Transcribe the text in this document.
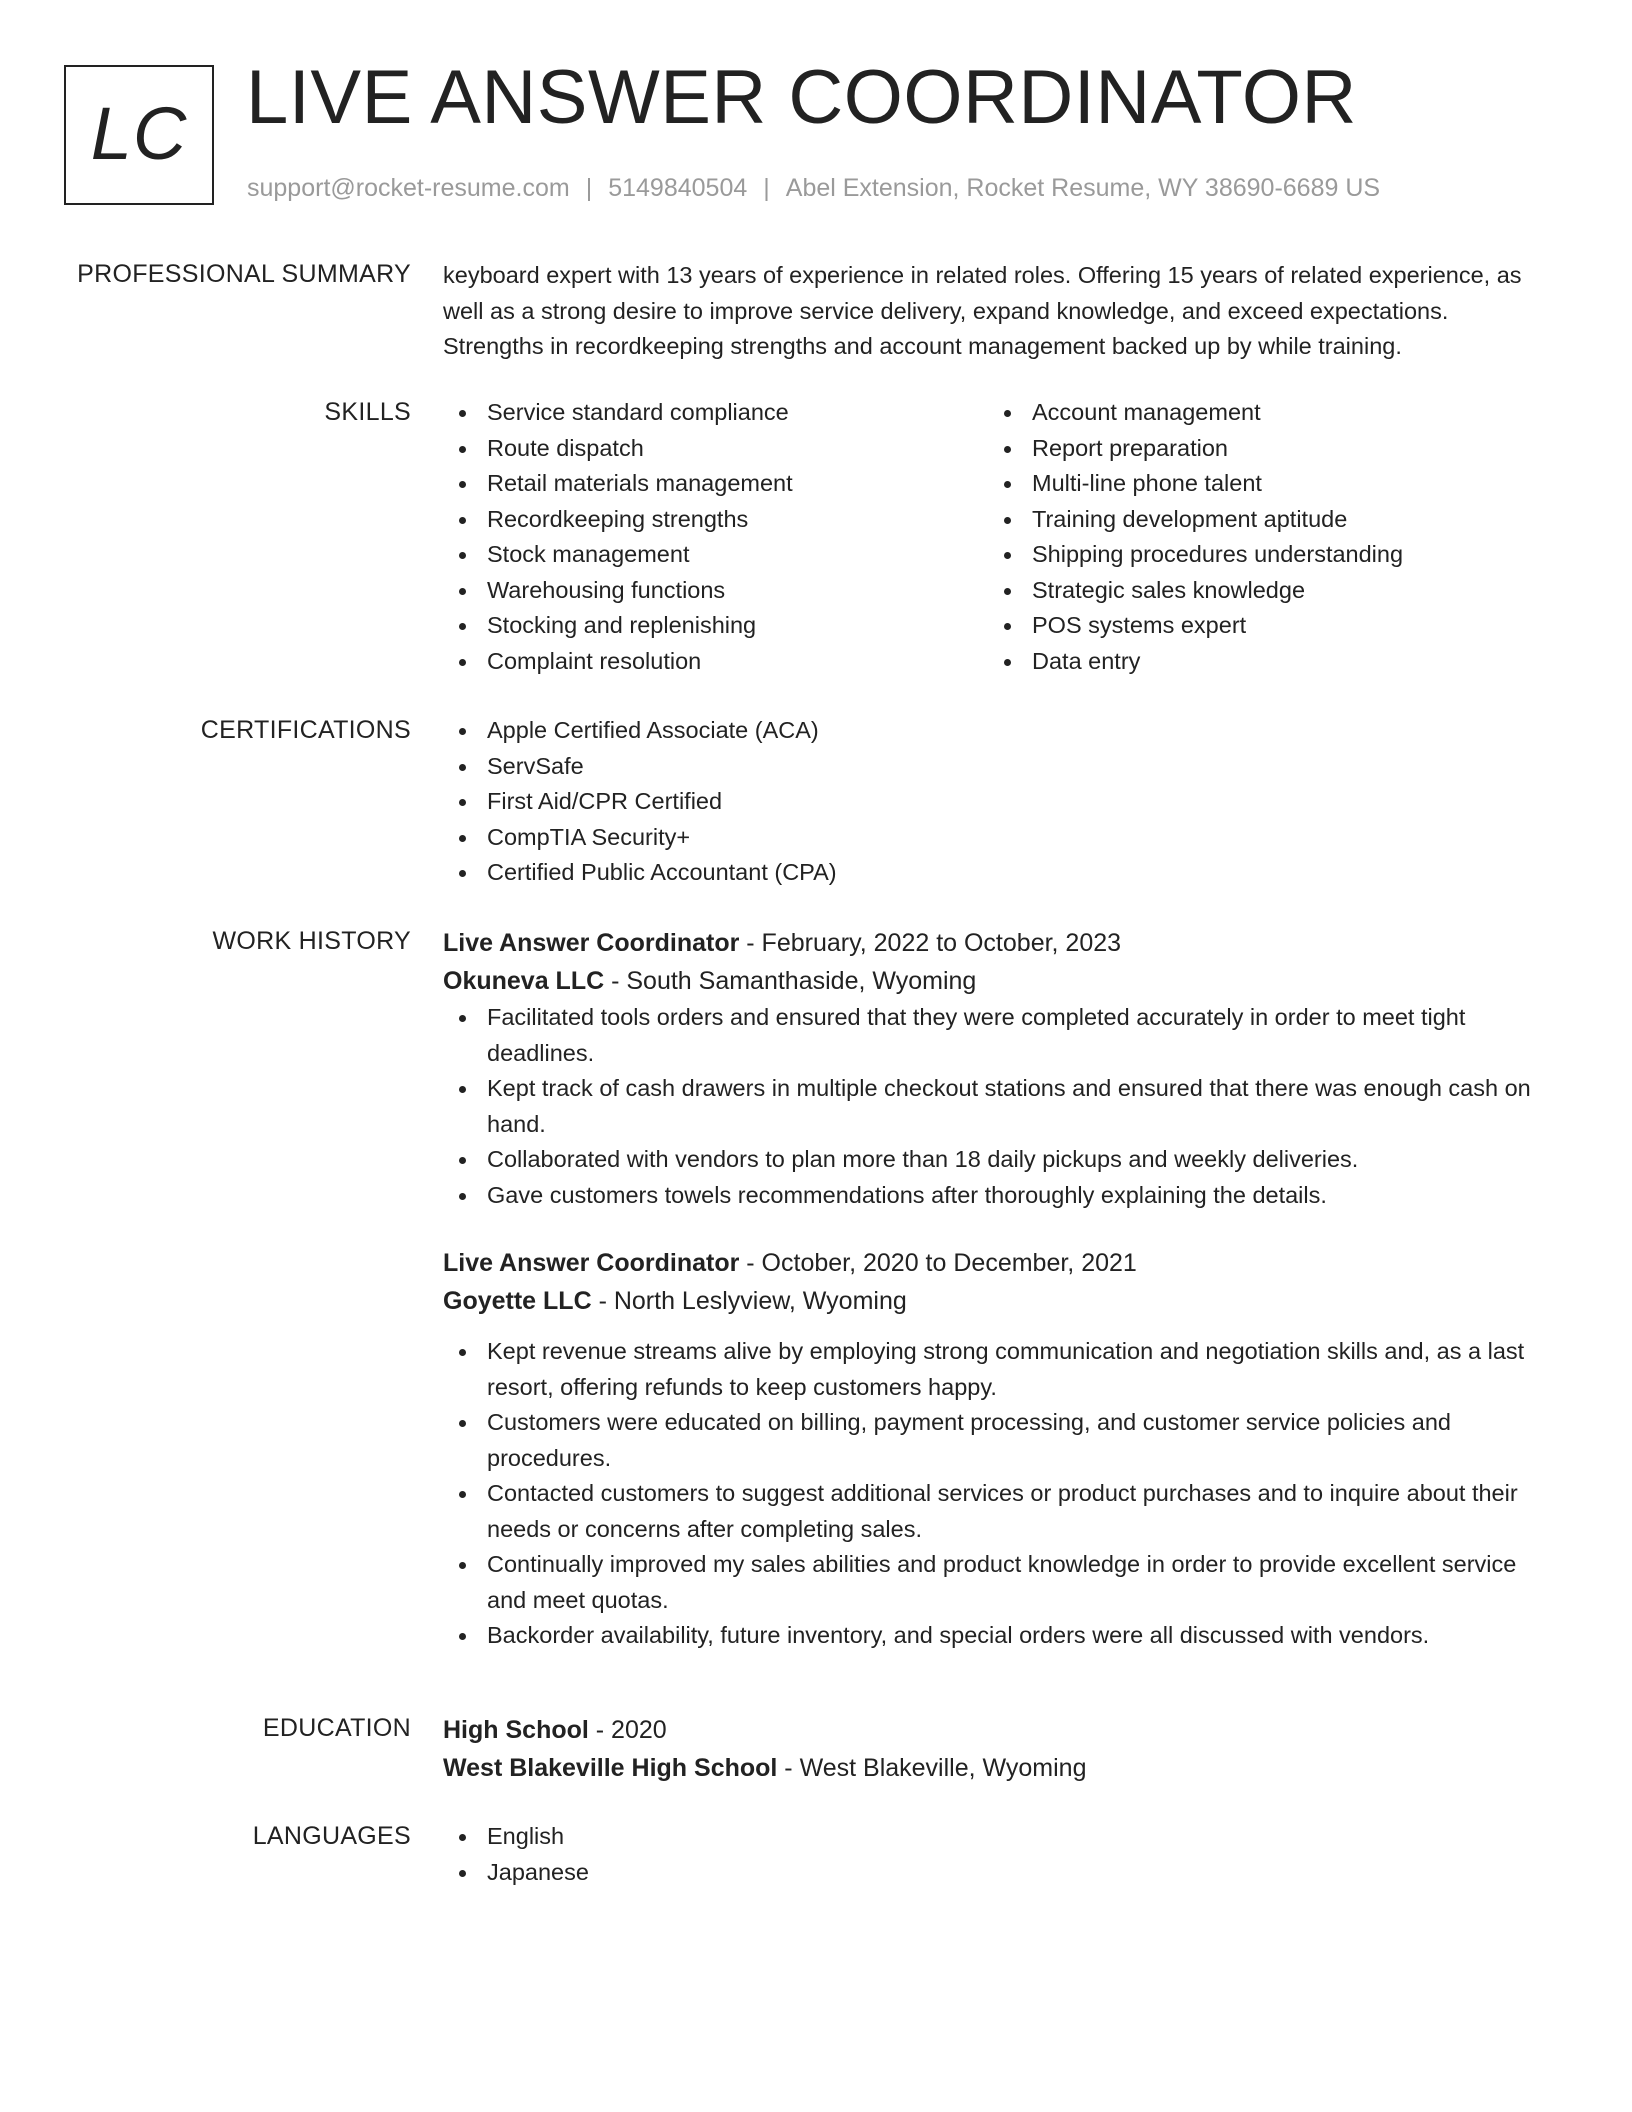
LC LIVE ANSWER COORDINATOR
support@rocket-resume.com | 5149840504 | Abel Extension, Rocket Resume, WY 38690-6689 US
PROFESSIONAL SUMMARY keyboard expert with 13 years of experience in related roles. Offering 15 years of related experience, as well as a strong desire to improve service delivery, expand knowledge, and exceed expectations. Strengths in recordkeeping strengths and account management backed up by while training.

SKILLS	Service standard compliance
Route dispatch
Retail materials management
Recordkeeping strengths
Stock management
Warehousing functions
Stocking and replenishing
Complaint resolution
Account management
Report preparation
Multi-line phone talent
Training development aptitude
Shipping procedures understanding
Strategic sales knowledge
POS systems expert
Data entry
CERTIFICATIONS	Apple Certified Associate (ACA)
ServSafe
First Aid/CPR Certified
CompTIA Security+
Certified Public Accountant (CPA)
WORK HISTORY Live Answer Coordinator - February, 2022 to October, 2023
Okuneva LLC - South Samanthaside, Wyoming
Facilitated tools orders and ensured that they were completed accurately in order to meet tight deadlines.
Kept track of cash drawers in multiple checkout stations and ensured that there was enough cash on hand.
Collaborated with vendors to plan more than 18 daily pickups and weekly deliveries.
Gave customers towels recommendations after thoroughly explaining the details.
Live Answer Coordinator - October, 2020 to December, 2021
Goyette LLC - North Leslyview, Wyoming
Kept revenue streams alive by employing strong communication and negotiation skills and, as a last resort, offering refunds to keep customers happy.
Customers were educated on billing, payment processing, and customer service policies and procedures.
Contacted customers to suggest additional services or product purchases and to inquire about their needs or concerns after completing sales.
Continually improved my sales abilities and product knowledge in order to provide excellent service and meet quotas.
Backorder availability, future inventory, and special orders were all discussed with vendors.
EDUCATION High School - 2020
West Blakeville High School - West Blakeville, Wyoming
LANGUAGES	English
Japanese
